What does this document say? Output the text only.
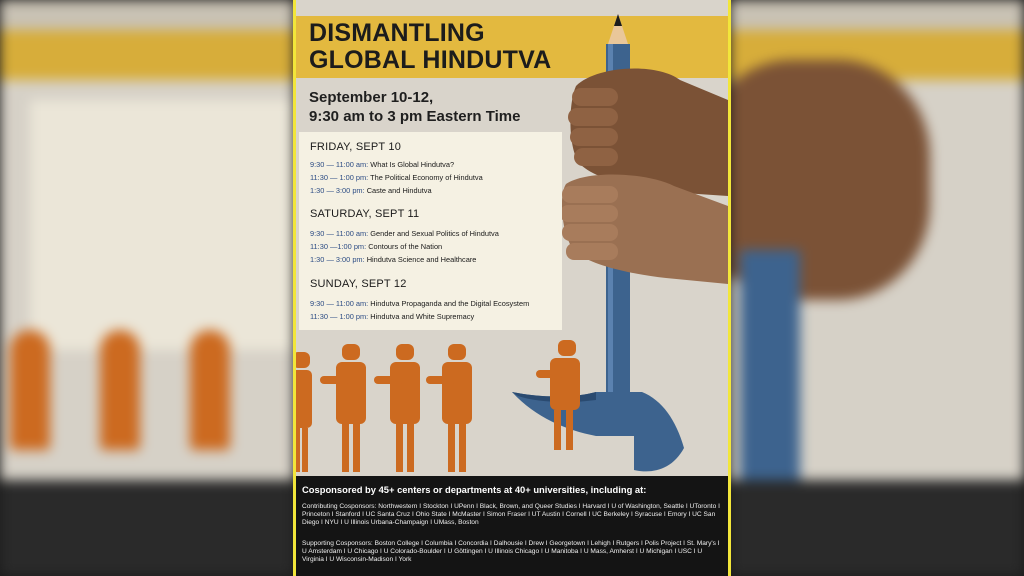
DISMANTLING
GLOBAL HINDUTVA

September 10-12,
9:30 am to 3 pm Eastern Time

FRIDAY, SEPT 10

9:30 — 11:00 am: What Is Global Hindutva?
11:30 — 1:00 pm: The Political Economy of Hindutva
1:30 — 3:00 pm: Caste and Hindutva

SATURDAY, SEPT 11

9:30 — 11:00 am: Gender and Sexual Politics of Hindutva
11:30 —1:00 pm: Contours of the Nation
1:30 — 3:00 pm: Hindutva Science and Healthcare

SUNDAY, SEPT 12

9:30 — 11:00 am: Hindutva Propaganda and the Digital Ecosystem
11:30 — 1:00 pm: Hindutva and White Supremacy

Cosponsored by 45+ centers or departments at 40+ universities, including at:

Contributing Cosponsors: Northwestern I Stockton I UPenn I Black, Brown, and Queer Studies I Harvard I U of Washington, Seattle I UToronto I Princeton I Stanford I UC Santa Cruz I Ohio State I McMaster I Simon Fraser I UT Austin I Cornell I UC Berkeley I Syracuse I Emory I UC San Diego I NYU I U Illinois Urbana-Champaign I UMass, Boston

Supporting Cosponsors: Boston College I Columbia I Concordia I Dalhousie I Drew I Georgetown I Lehigh I Rutgers I Polis Project I St. Mary's I U Amsterdam I U Chicago I U Colorado-Boulder I U Göttingen I U Illinois Chicago I U Manitoba I U Mass, Amherst I U Michigan I USC I U Virginia I U Wisconsin-Madison I York
